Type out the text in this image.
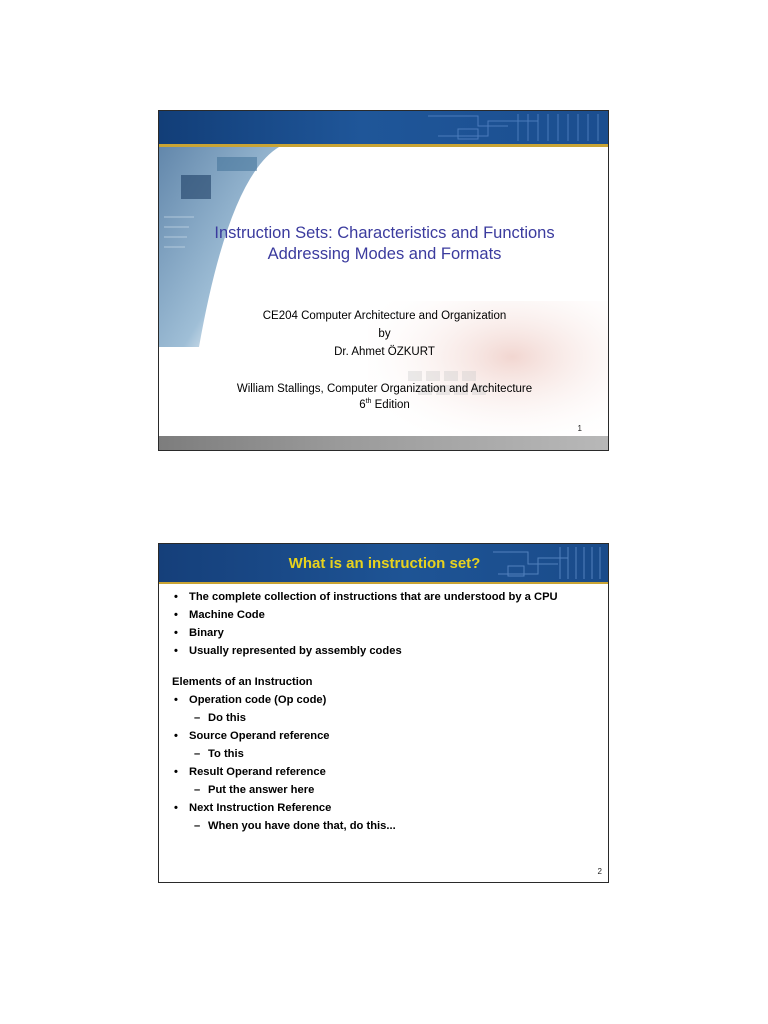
Instruction Sets: Characteristics and Functions
Addressing Modes and Formats
CE204 Computer Architecture and Organization
by
Dr. Ahmet ÖZKURT
William Stallings, Computer Organization and Architecture
6th Edition
1
What is an instruction set?
• The complete collection of instructions that are understood by a CPU
• Machine Code
• Binary
• Usually represented by assembly codes
Elements of an Instruction
• Operation code (Op code)
– Do this
• Source Operand reference
– To this
• Result Operand reference
– Put the answer here
• Next Instruction Reference
– When you have done that, do this...
2
